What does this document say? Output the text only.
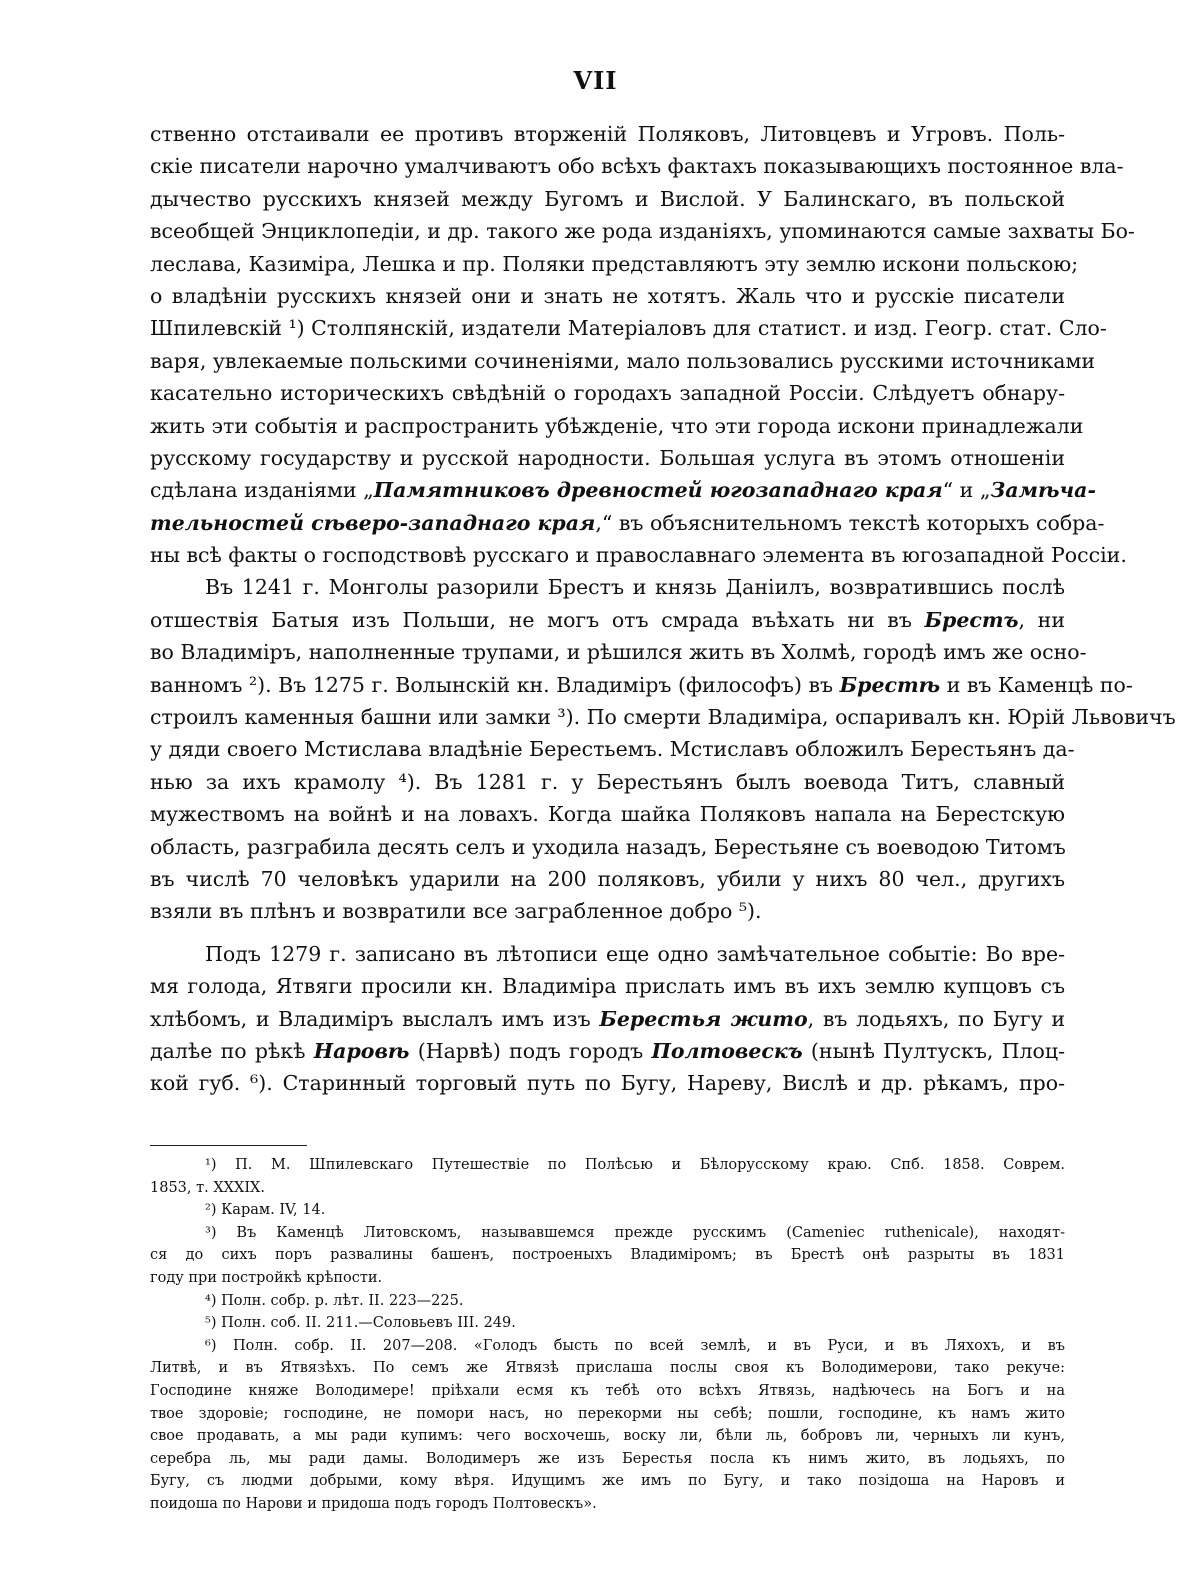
VII
ственно отстаивали ее противъ вторженій Поляковъ, Литовцевъ и Угровъ. Поль-
скіе писатели нарочно умалчиваютъ обо всѣхъ фактахъ показывающихъ постоянное вла-
дычество русскихъ князей между Бугомъ и Вислой. У Балинскаго, въ польской
всеобщей Энциклопедіи, и др. такого же рода изданіяхъ, упоминаются самые захваты Бо-
леслава, Казиміра, Лешка и пр. Поляки представляютъ эту землю искони польскою;
о владѣніи русскихъ князей они и знать не хотятъ. Жаль что и русскіе писатели
Шпилевскій ¹) Столпянскій, издатели Матеріаловъ для статист. и изд. Геогр. стат. Сло-
варя, увлекаемые польскими сочиненіями, мало пользовались русскими источниками
касательно историческихъ свѣдѣній о городахъ западной Россіи. Слѣдуетъ обнару-
жить эти событія и распространить убѣжденіе, что эти города искони принадлежали
русскому государству и русской народности. Большая услуга въ этомъ отношеніи
сдѣлана изданіями „Памятниковъ древностей югозападнаго края“ и „Замѣча-
тельностей сѣверо-западнаго края,“ въ объяснительномъ текстѣ которыхъ собра-
ны всѣ факты о господствовѣ русскаго и православнаго элемента въ югозападной Россіи.
Въ 1241 г. Монголы разорили Брестъ и князь Даніилъ, возвратившись послѣ
отшествія Батыя изъ Польши, не могъ отъ смрада въѣхать ни въ Брестъ, ни
во Владиміръ, наполненные трупами, и рѣшился жить въ Холмѣ, городѣ имъ же осно-
ванномъ ²). Въ 1275 г. Волынскій кн. Владиміръ (философъ) въ Брестѣ и въ Каменцѣ по-
строилъ каменныя башни или замки ³). По смерти Владиміра, оспаривалъ кн. Юрій Львовичъ
у дяди своего Мстислава владѣніе Берестьемъ. Мстиславъ обложилъ Берестьянъ да-
нью за ихъ крамолу ⁴). Въ 1281 г. у Берестьянъ былъ воевода Титъ, славный
мужествомъ на войнѣ и на ловахъ. Когда шайка Поляковъ напала на Берестскую
область, разграбила десять селъ и уходила назадъ, Берестьяне съ воеводою Титомъ
въ числѣ 70 человѣкъ ударили на 200 поляковъ, убили у нихъ 80 чел., другихъ
взяли въ плѣнъ и возвратили все заграбленное добро ⁵).
Подъ 1279 г. записано въ лѣтописи еще одно замѣчательное событіе: Во вре-
мя голода, Ятвяги просили кн. Владиміра прислать имъ въ ихъ землю купцовъ съ
хлѣбомъ, и Владиміръ выслалъ имъ изъ Берестья жито, въ лодьяхъ, по Бугу и
далѣе по рѣкѣ Наровѣ (Нарвѣ) подъ городъ Полтовескъ (нынѣ Пултускъ, Плоц-
кой губ. ⁶). Старинный торговый путь по Бугу, Нареву, Вислѣ и др. рѣкамъ, про-
¹) П. М. Шпилевскаго Путешествіе по Полѣсью и Бѣлорусскому краю. Спб. 1858. Соврем.
1853, т. XXXIX.
²) Карам. IV, 14.
³) Въ Каменцѣ Литовскомъ, называвшемся прежде русскимъ (Cameniec ruthenicale), находят-
ся до сихъ поръ развалины башенъ, построеныхъ Владиміромъ; въ Брестѣ онѣ разрыты въ 1831
году при постройкѣ крѣпости.
⁴) Полн. собр. р. лѣт. II. 223—225.
⁵) Полн. соб. II. 211.—Соловьевъ III. 249.
⁶) Полн. собр. II. 207—208. «Голодъ бысть по всей землѣ, и въ Руси, и въ Ляхохъ, и въ
Литвѣ, и въ Ятвязѣхъ. По семъ же Ятвязѣ прислаша послы своя къ Володимерови, тако рекуче:
Господине княже Володимере! пріѣхали есмя къ тебѣ ото всѣхъ Ятвязь, надѣючесь на Богъ и на
твое здоровіе; господине, не помори насъ, но перекорми ны себѣ; пошли, господине, къ намъ жито
свое продавать, а мы ради купимъ: чего восхочешь, воску ли, бѣли ль, бобровъ ли, черныхъ ли кунъ,
серебра ль, мы ради дамы. Володимеръ же изъ Берестья посла къ нимъ жито, въ лодьяхъ, по
Бугу, съ людми добрыми, кому вѣря. Идущимъ же имъ по Бугу, и тако позідоша на Наровъ и
поидоша по Нарови и придоша подъ городъ Полтовескъ».
